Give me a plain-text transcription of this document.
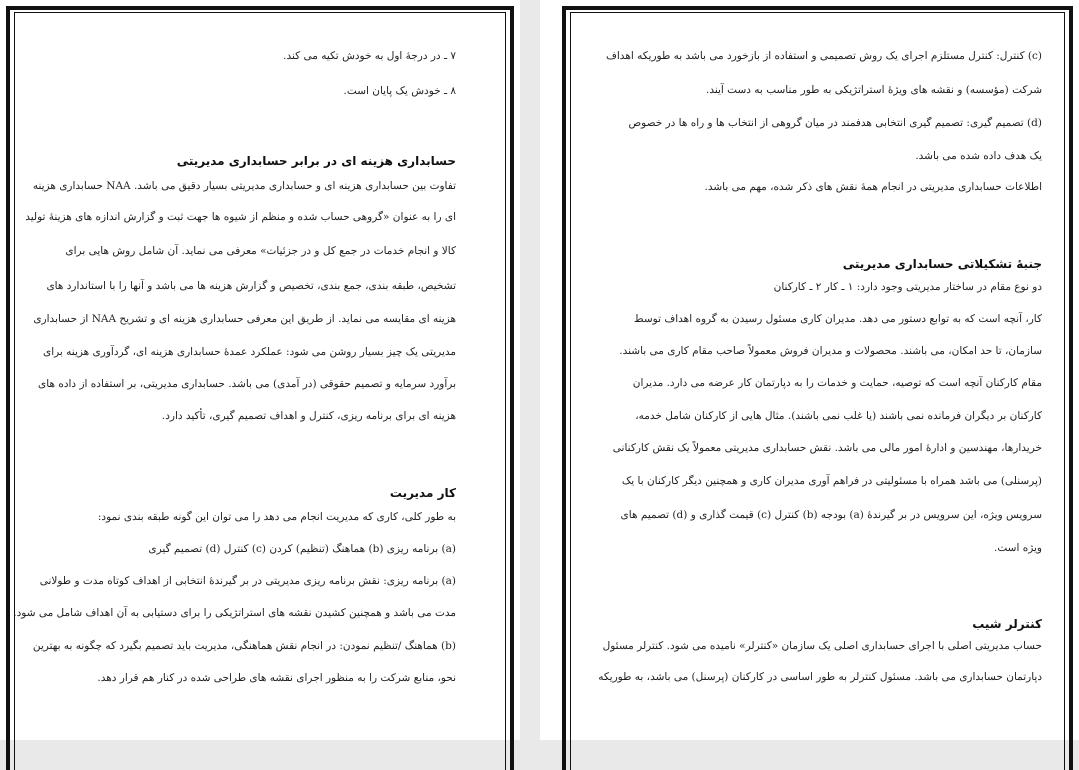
۷ ـ در درجهٔ اول به خودش تکیه می کند.
۸ ـ خودش یک پایان است.
حسابداری هزینه ای در برابر حسابداری مدیریتی
تفاوت بین حسابداری هزینه ای و حسابداری مدیریتی بسیار دقیق می باشد. NAA حسابداری هزینه
ای را به عنوان «گروهی حساب شده و منظم از شیوه ها جهت ثبت و گزارش اندازه های هزینهٔ تولید
کالا و انجام خدمات در جمع کل و در جزئیات» معرفی می نماید. آن شامل روش هایی برای
تشخیص، طبقه بندی، جمع بندی، تخصیص و گزارش هزینه ها می باشد و آنها را با استاندارد های
هزینه ای مقایسه می نماید. از طریق این معرفی حسابداری هزینه ای و تشریح NAA از حسابداری
مدیریتی یک چیز بسیار روشن می شود: عملکرد عمدهٔ حسابداری هزینه ای، گردآوری هزینه برای
برآورد سرمایه و تصمیم حقوقی (در آمدی) می باشد. حسابداری مدیریتی، بر استفاده از داده های
هزینه ای برای برنامه ریزی، کنترل و اهداف تصمیم گیری، تأکید دارد.
کار مدیریت
به طور کلی، کاری که مدیریت انجام می دهد را می توان این گونه طبقه بندی نمود:
(a) برنامه ریزی (b) هماهنگ (تنظیم) کردن (c) کنترل (d) تصمیم گیری
(a) برنامه ریزی: نقش برنامه ریزی مدیریتی در بر گیرندهٔ انتخابی از اهداف کوتاه مدت و طولانی
مدت می باشد و همچنین کشیدن نقشه های استراتژیکی را برای دستیابی به آن اهداف شامل می شود.
(b) هماهنگ /تنظیم نمودن: در انجام نقش هماهنگی، مدیریت باید تصمیم بگیرد که چگونه به بهترین
نحو، منابع شرکت را به منظور اجرای نقشه های طراحی شده در کنار هم قرار دهد.
(c) کنترل: کنترل مستلزم اجرای یک روش تصمیمی و استفاده از بازخورد می باشد به طوریکه اهداف
شرکت (مؤسسه) و نقشه های ویژهٔ استراتژیکی به طور مناسب به دست آیند.
(d) تصمیم گیری: تصمیم گیری انتخابی هدفمند در میان گروهی از انتخاب ها و راه ها در خصوص
یک هدف داده شده می باشد.
اطلاعات حسابداری مدیریتی در انجام همهٔ نقش های ذکر شده، مهم می باشد.
جنبهٔ تشکیلاتی حسابداری مدیریتی
دو نوع مقام در ساختار مدیریتی وجود دارد: ۱ ـ کار ۲ ـ کارکنان
کار، آنچه است که به توابع دستور می دهد. مدیران کاری مسئول رسیدن به گروه اهداف توسط
سازمان، تا حد امکان، می باشند. محصولات و مدیران فروش معمولاً صاحب مقام کاری می باشند.
مقام کارکنان آنچه است که توصیه، حمایت و خدمات را به دپارتمان کار عرضه می دارد. مدیران
کارکنان بر دیگران فرمانده نمی باشند (یا غلب نمی باشند). مثال هایی از کارکنان شامل خدمه،
خریدارها، مهندسین و ادارهٔ امور مالی می باشد. نقش حسابداری مدیریتی معمولاً یک نقش کارکنانی
(پرسنلی) می باشد همراه با مسئولیتی در فراهم آوری مدیران کاری و همچنین دیگر کارکنان با یک
سرویس ویژه، این سرویس در بر گیرندهٔ (a) بودجه (b) کنترل (c) قیمت گذاری و (d) تصمیم های
ویژه است.
کنترلر شیب
حساب مدیریتی اصلی با اجرای حسابداری اصلی یک سازمان «کنترلر» نامیده می شود. کنترلر مسئول
دپارتمان حسابداری می باشد. مسئول کنترلر به طور اساسی در کارکنان (پرسنل) می باشد، به طوریکه
